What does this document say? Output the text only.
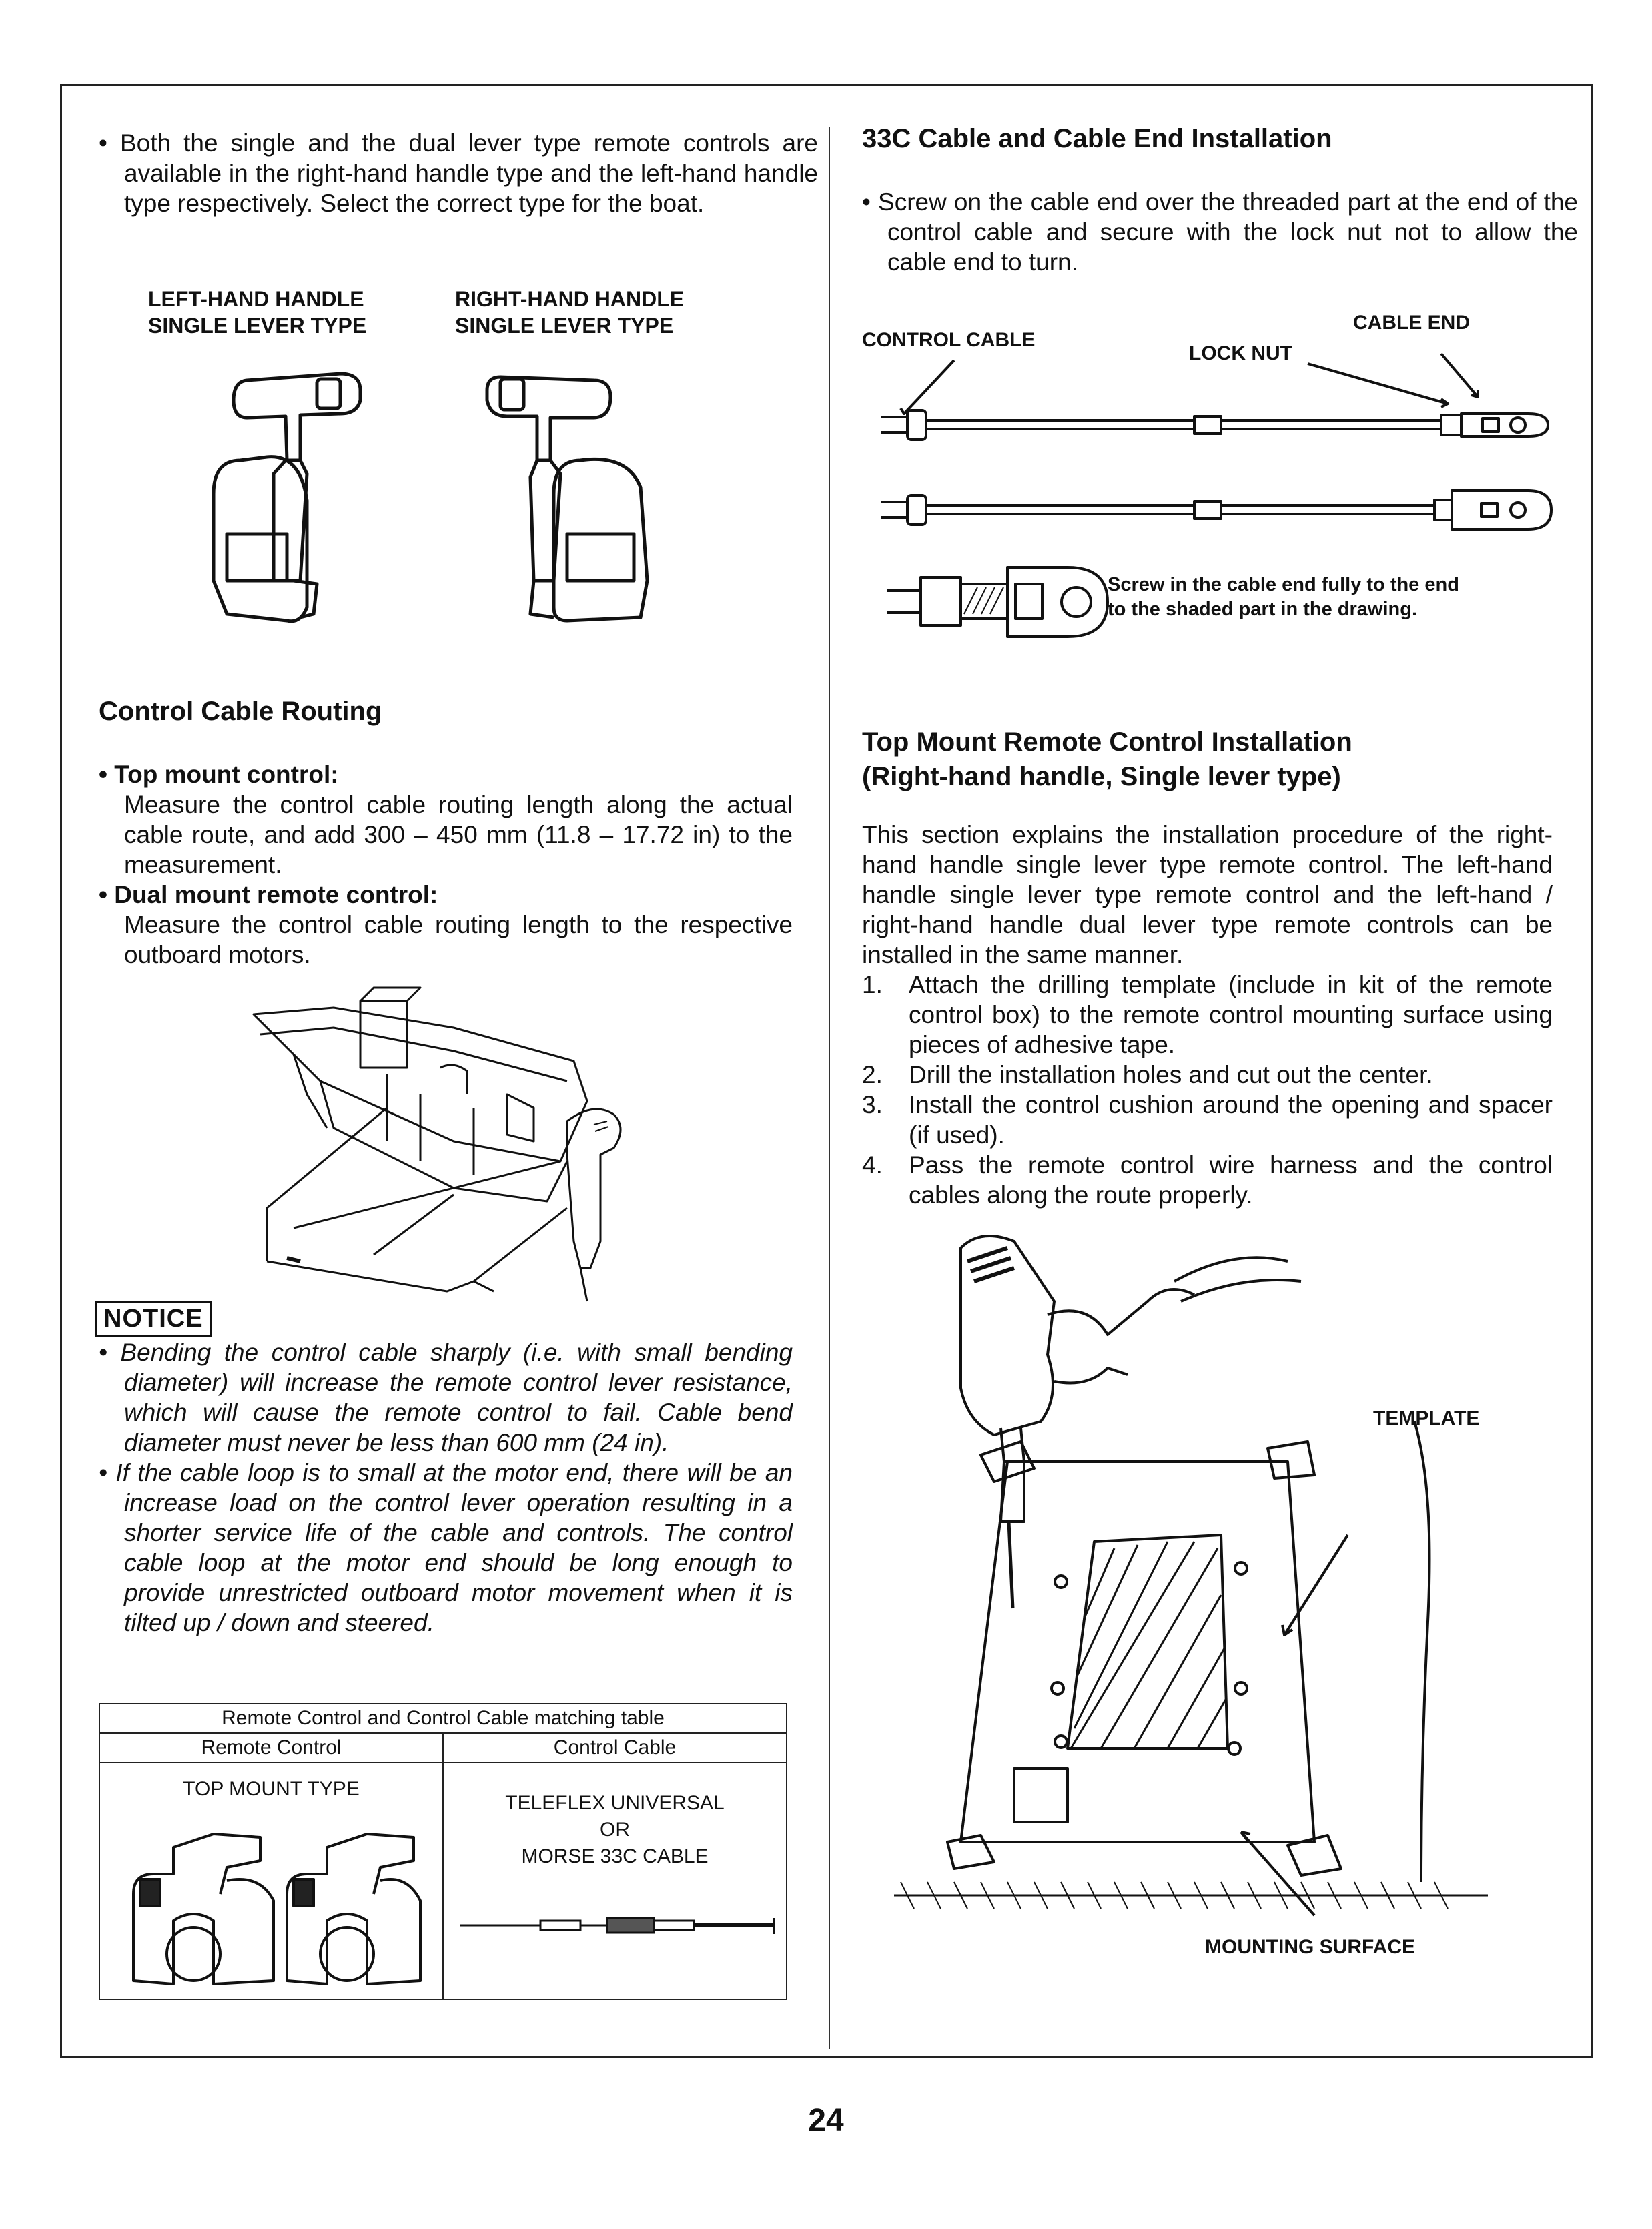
• Both the single and the dual lever type remote controls are available in the right-hand handle type and the left-hand handle type respectively. Select the correct type for the boat.
LEFT-HAND HANDLE
SINGLE LEVER TYPE
RIGHT-HAND HANDLE
SINGLE LEVER TYPE
Control Cable Routing
• Top mount control:
Measure the control cable routing length along the actual cable route, and add 300 – 450 mm (11.8 – 17.72 in) to the measurement.
• Dual mount remote control:
Measure the control cable routing length to the respective outboard motors.
NOTICE
• Bending the control cable sharply (i.e. with small bending diameter) will increase the remote control lever resistance, which will cause the remote control to fail. Cable bend diameter must never be less than 600 mm (24 in).
• If the cable loop is to small at the motor end, there will be an increase load on the control lever operation resulting in a shorter service life of the cable and controls. The control cable loop at the motor end should be long enough to provide unrestricted outboard motor movement when it is tilted up / down and steered.
Remote Control and Control Cable matching table	
Remote Control	Control Cable

TOP MOUNT TYPE	TELEFLEX UNIVERSAL
OR
MORSE 33C CABLE
33C Cable and Cable End Installation
• Screw on the cable end over the threaded part at the end of the control cable and secure with the lock nut not to allow the cable end to turn.
CONTROL CABLE
CABLE END
LOCK NUT
Screw in the cable end fully to the end
to the shaded part in the drawing.
Top Mount Remote Control Installation
(Right-hand handle, Single lever type)
This section explains the installation procedure of the right-hand handle single lever type remote control. The left-hand handle single lever type remote control and the left-hand / right-hand handle dual lever type remote controls can be installed in the same manner.
1.	Attach the drilling template (include in kit of the remote control box) to the remote control mounting surface using pieces of adhesive tape.
2.	Drill the installation holes and cut out the center.
3.	Install the control cushion around the opening and spacer (if used).
4.	Pass the remote control wire harness and the control cables along the route properly.
TEMPLATE
MOUNTING SURFACE
24
